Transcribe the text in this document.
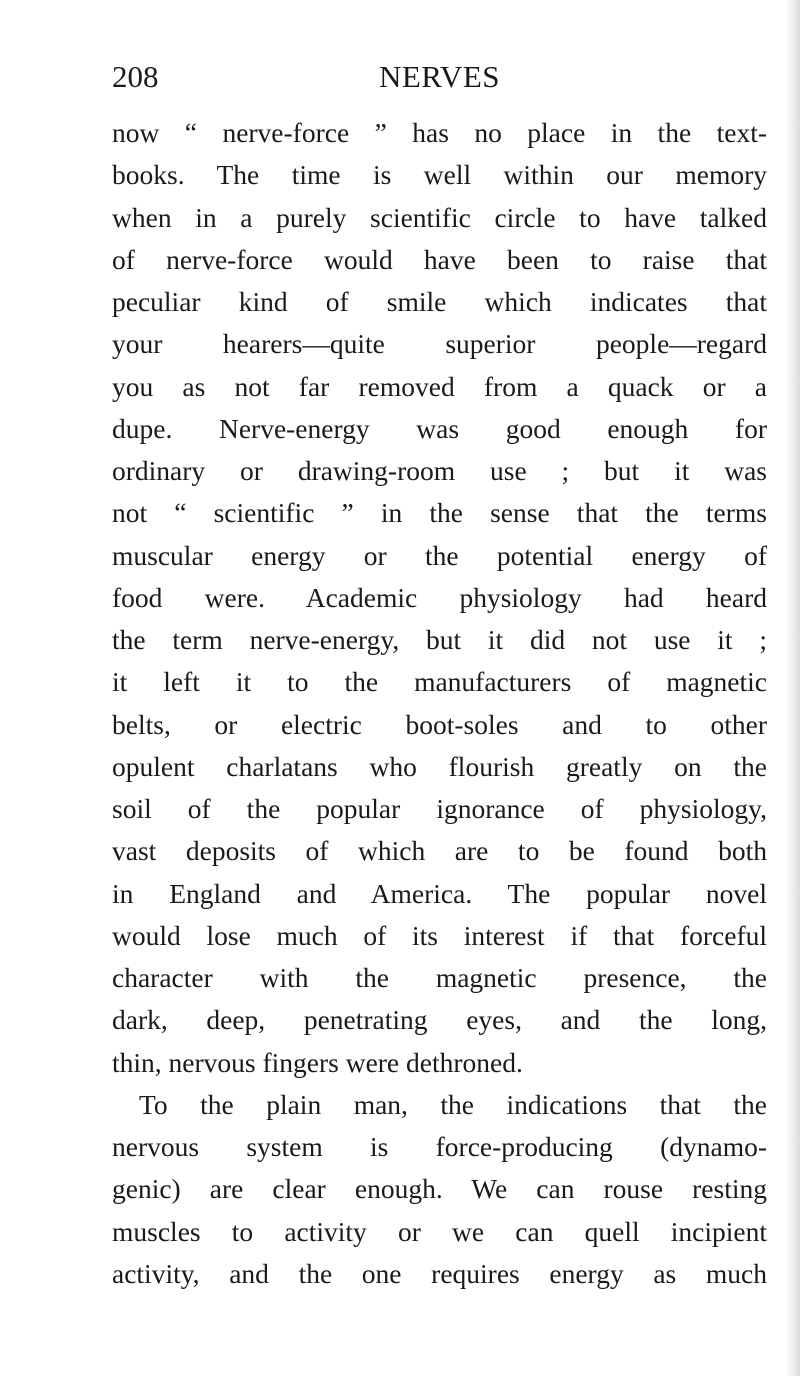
208	NERVES
now “ nerve-force ” has no place in the text-
books. The time is well within our memory
when in a purely scientific circle to have talked
of nerve-force would have been to raise that
peculiar kind of smile which indicates that
your hearers—quite superior people—regard
you as not far removed from a quack or a
dupe. Nerve-energy was good enough for
ordinary or drawing-room use ; but it was
not “ scientific ” in the sense that the terms
muscular energy or the potential energy of
food were. Academic physiology had heard
the term nerve-energy, but it did not use it ;
it left it to the manufacturers of magnetic
belts, or electric boot-soles and to other
opulent charlatans who flourish greatly on the
soil of the popular ignorance of physiology,
vast deposits of which are to be found both
in England and America. The popular novel
would lose much of its interest if that forceful
character with the magnetic presence, the
dark, deep, penetrating eyes, and the long,
thin, nervous fingers were dethroned.
To the plain man, the indications that the
nervous system is force-producing (dynamo-
genic) are clear enough. We can rouse resting
muscles to activity or we can quell incipient
activity, and the one requires energy as much
